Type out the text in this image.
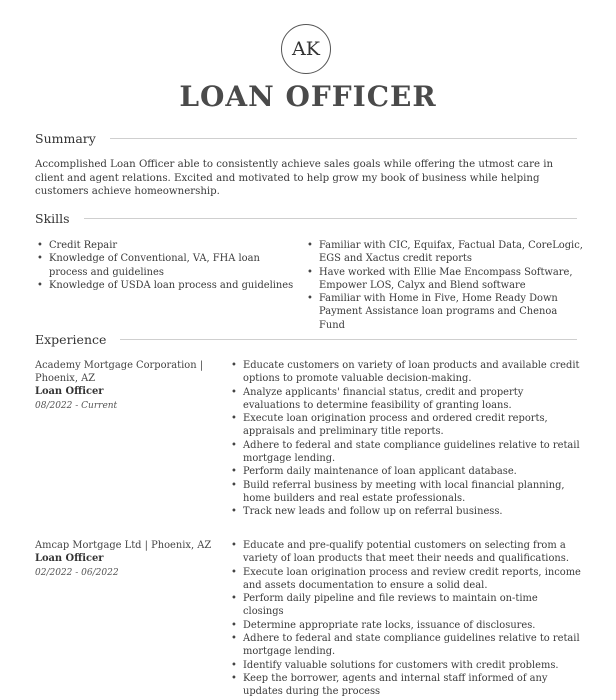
AK
LOAN OFFICER
Summary
Accomplished Loan Officer able to consistently achieve sales goals while offering the utmost care in client and agent relations. Excited and motivated to help grow my book of business while helping customers achieve homeownership.
Skills
• Credit Repair
• Knowledge of Conventional, VA, FHA loan process and guidelines
• Knowledge of USDA loan process and guidelines
• Familiar with CIC, Equifax, Factual Data, CoreLogic, EGS and Xactus credit reports
• Have worked with Ellie Mae Encompass Software, Empower LOS, Calyx and Blend software
• Familiar with Home in Five, Home Ready Down Payment Assistance loan programs and Chenoa Fund
Experience
Academy Mortgage Corporation | Phoenix, AZ
Loan Officer
08/2022 - Current
• Educate customers on variety of loan products and available credit options to promote valuable decision-making.
• Analyze applicants' financial status, credit and property evaluations to determine feasibility of granting loans.
• Execute loan origination process and ordered credit reports, appraisals and preliminary title reports.
• Adhere to federal and state compliance guidelines relative to retail mortgage lending.
• Perform daily maintenance of loan applicant database.
• Build referral business by meeting with local financial planning, home builders and real estate professionals.
• Track new leads and follow up on referral business.
Amcap Mortgage Ltd | Phoenix, AZ
Loan Officer
02/2022 - 06/2022
• Educate and pre-qualify potential customers on selecting from a variety of loan products that meet their needs and qualifications.
• Execute loan origination process and review credit reports, income and assets documentation to ensure a solid deal.
• Perform daily pipeline and file reviews to maintain on-time closings
• Determine appropriate rate locks, issuance of disclosures.
• Adhere to federal and state compliance guidelines relative to retail mortgage lending.
• Identify valuable solutions for customers with credit problems.
• Keep the borrower, agents and internal staff informed of any updates during the process
